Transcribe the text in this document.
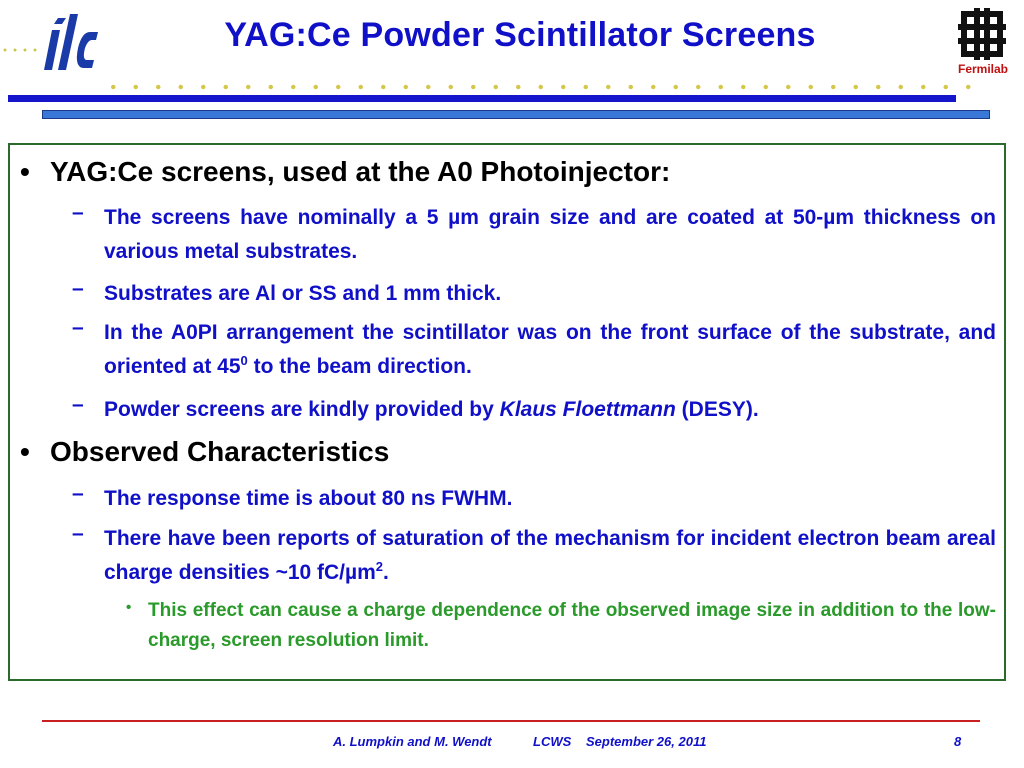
YAG:Ce Powder Scintillator Screens
Fermilab
• YAG:Ce screens, used at the A0 Photoinjector:
– The screens have nominally a 5 µm grain size and are coated at 50-µm thickness on various metal substrates.
– Substrates are Al or SS and 1 mm thick.
– In the A0PI arrangement the scintillator was on the front surface of the substrate, and oriented at $45^0$ to the beam direction.
– Powder screens are kindly provided by Klaus Floettmann (DESY).
• Observed Characteristics
– The response time is about 80 ns FWHM.
– There have been reports of saturation of the mechanism for incident electron beam areal charge densities ~10 fC/µm$^2$.
• This effect can cause a charge dependence of the observed image size in addition to the low-charge, screen resolution limit.
A. Lumpkin and M. Wendt	LCWS September 26, 2011	8
